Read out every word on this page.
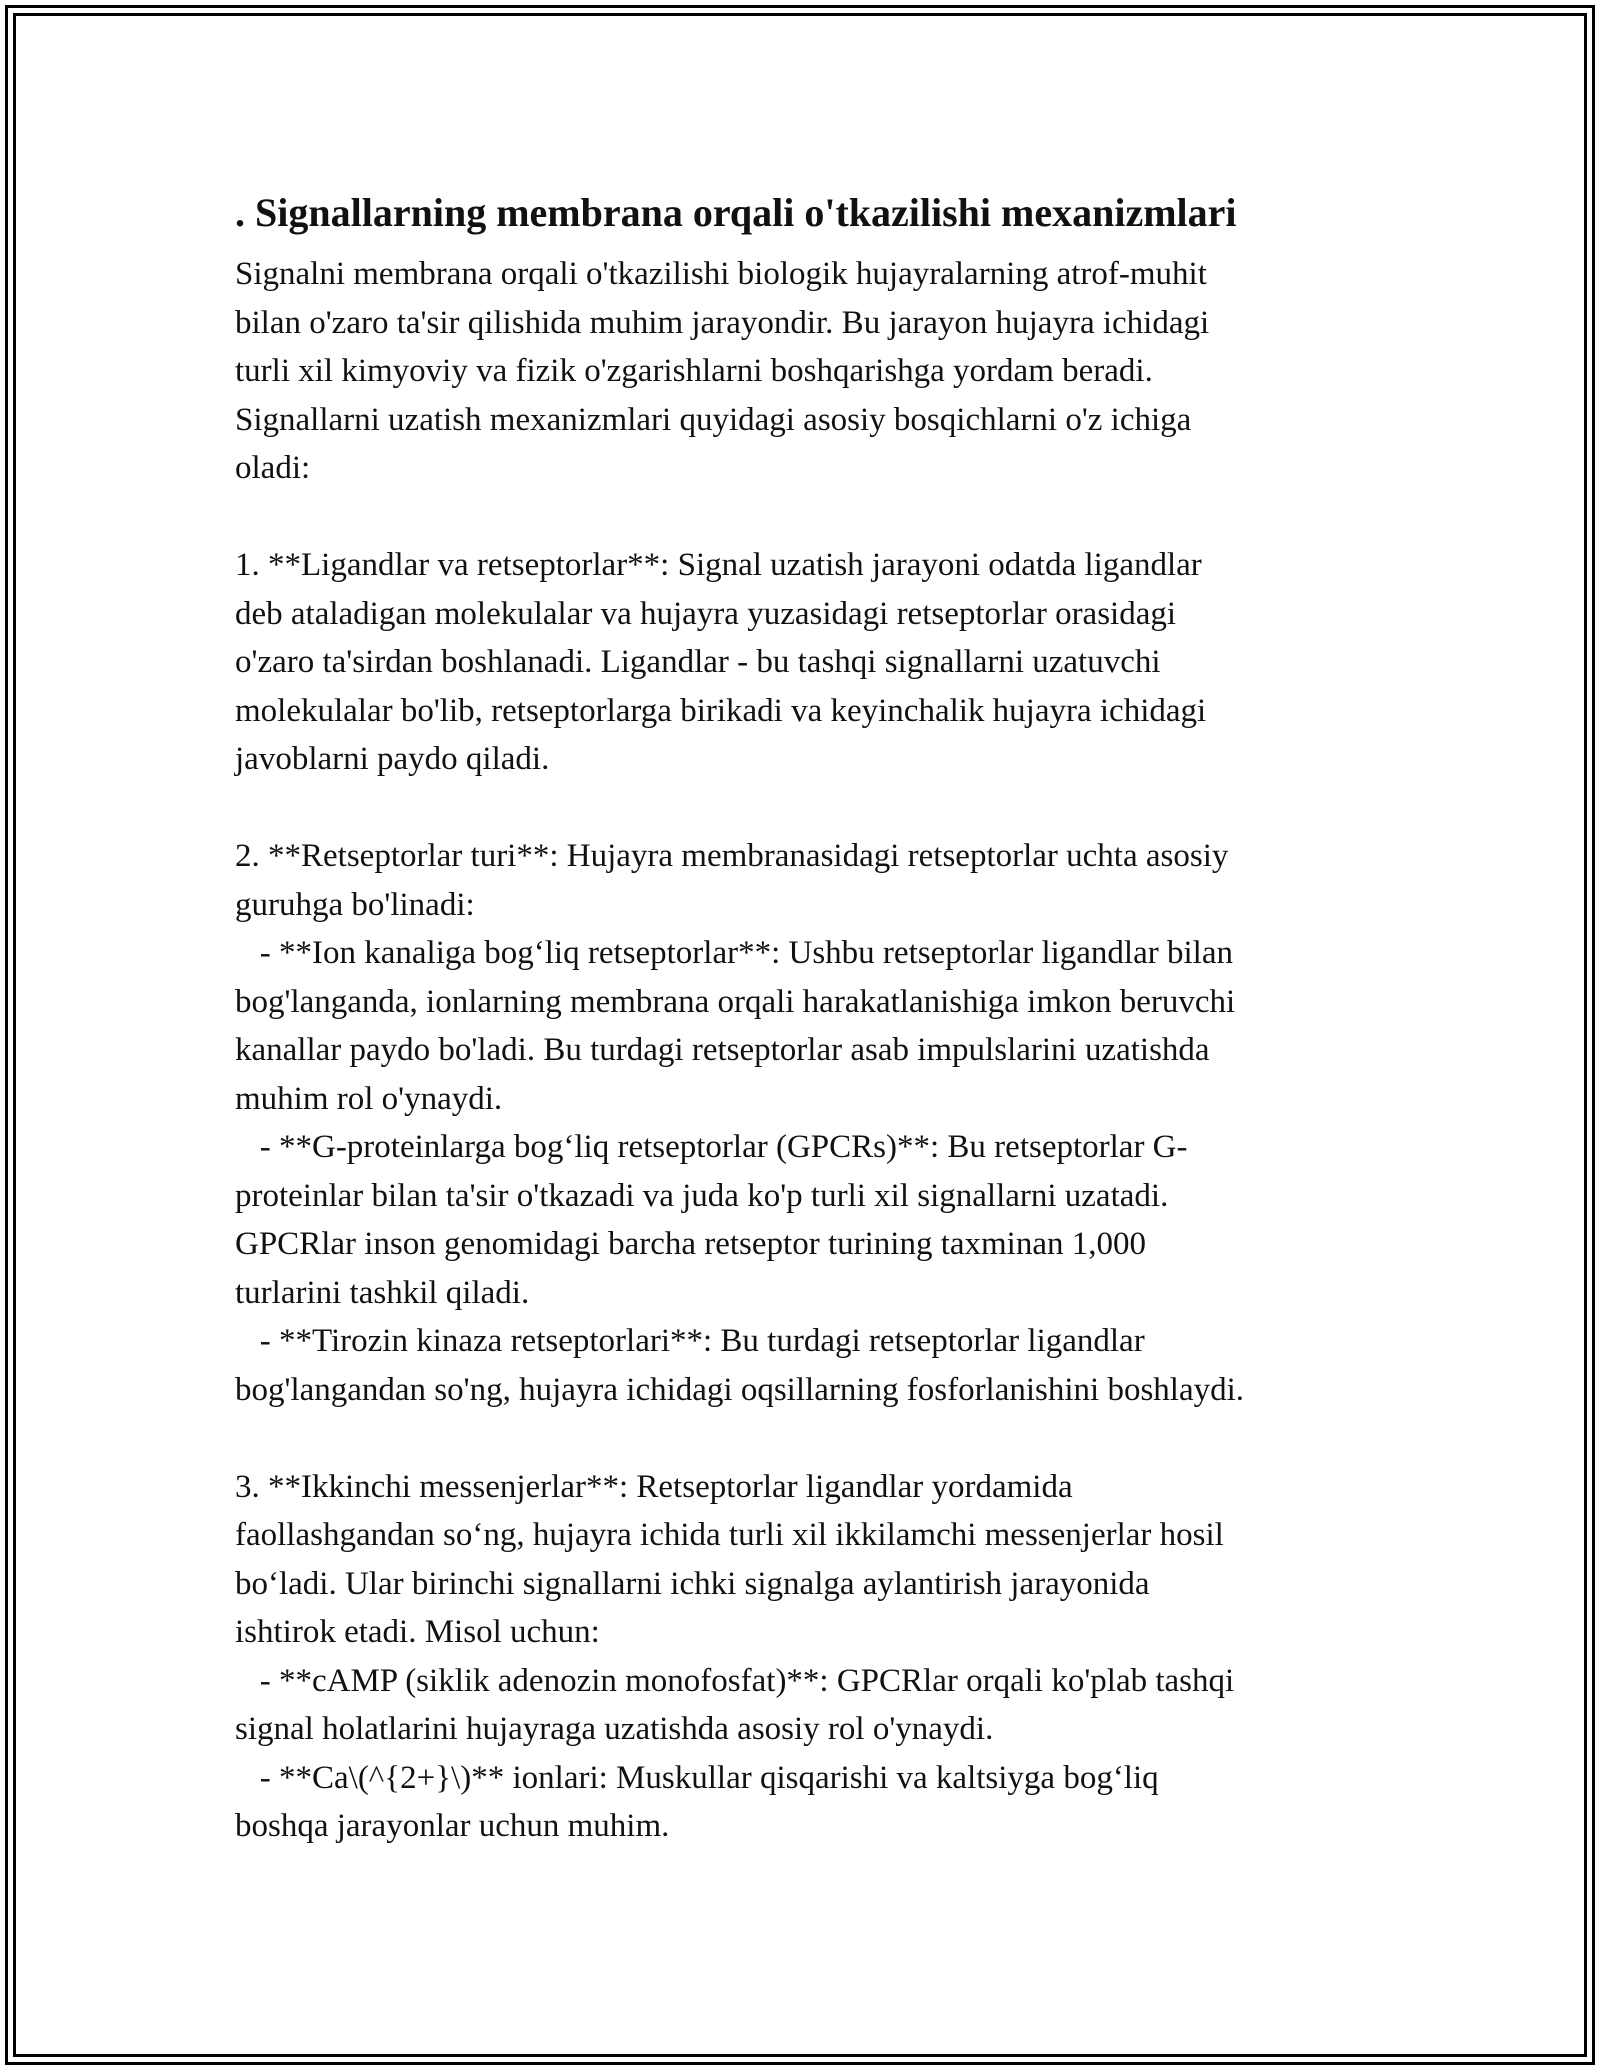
. Signallarning membrana orqali o'tkazilishi mexanizmlari
Signalni membrana orqali o'tkazilishi biologik hujayralarning atrof-muhit
bilan o'zaro ta'sir qilishida muhim jarayondir. Bu jarayon hujayra ichidagi
turli xil kimyoviy va fizik o'zgarishlarni boshqarishga yordam beradi.
Signallarni uzatish mexanizmlari quyidagi asosiy bosqichlarni o'z ichiga
oladi:
1. **Ligandlar va retseptorlar**: Signal uzatish jarayoni odatda ligandlar
deb ataladigan molekulalar va hujayra yuzasidagi retseptorlar orasidagi
o'zaro ta'sirdan boshlanadi. Ligandlar - bu tashqi signallarni uzatuvchi
molekulalar bo'lib, retseptorlarga birikadi va keyinchalik hujayra ichidagi
javoblarni paydo qiladi.
2. **Retseptorlar turi**: Hujayra membranasidagi retseptorlar uchta asosiy
guruhga bo'linadi:
- **Ion kanaliga bog‘liq retseptorlar**: Ushbu retseptorlar ligandlar bilan
bog'langanda, ionlarning membrana orqali harakatlanishiga imkon beruvchi
kanallar paydo bo'ladi. Bu turdagi retseptorlar asab impulslarini uzatishda
muhim rol o'ynaydi.
- **G-proteinlarga bog‘liq retseptorlar (GPCRs)**: Bu retseptorlar G-
proteinlar bilan ta'sir o'tkazadi va juda ko'p turli xil signallarni uzatadi.
GPCRlar inson genomidagi barcha retseptor turining taxminan 1,000
turlarini tashkil qiladi.
- **Tirozin kinaza retseptorlari**: Bu turdagi retseptorlar ligandlar
bog'langandan so'ng, hujayra ichidagi oqsillarning fosforlanishini boshlaydi.
3. **Ikkinchi messenjerlar**: Retseptorlar ligandlar yordamida
faollashgandan so‘ng, hujayra ichida turli xil ikkilamchi messenjerlar hosil
bo‘ladi. Ular birinchi signallarni ichki signalga aylantirish jarayonida
ishtirok etadi. Misol uchun:
- **cAMP (siklik adenozin monofosfat)**: GPCRlar orqali ko'plab tashqi
signal holatlarini hujayraga uzatishda asosiy rol o'ynaydi.
- **Ca\(^{2+}\)** ionlari: Muskullar qisqarishi va kaltsiyga bog‘liq
boshqa jarayonlar uchun muhim.
